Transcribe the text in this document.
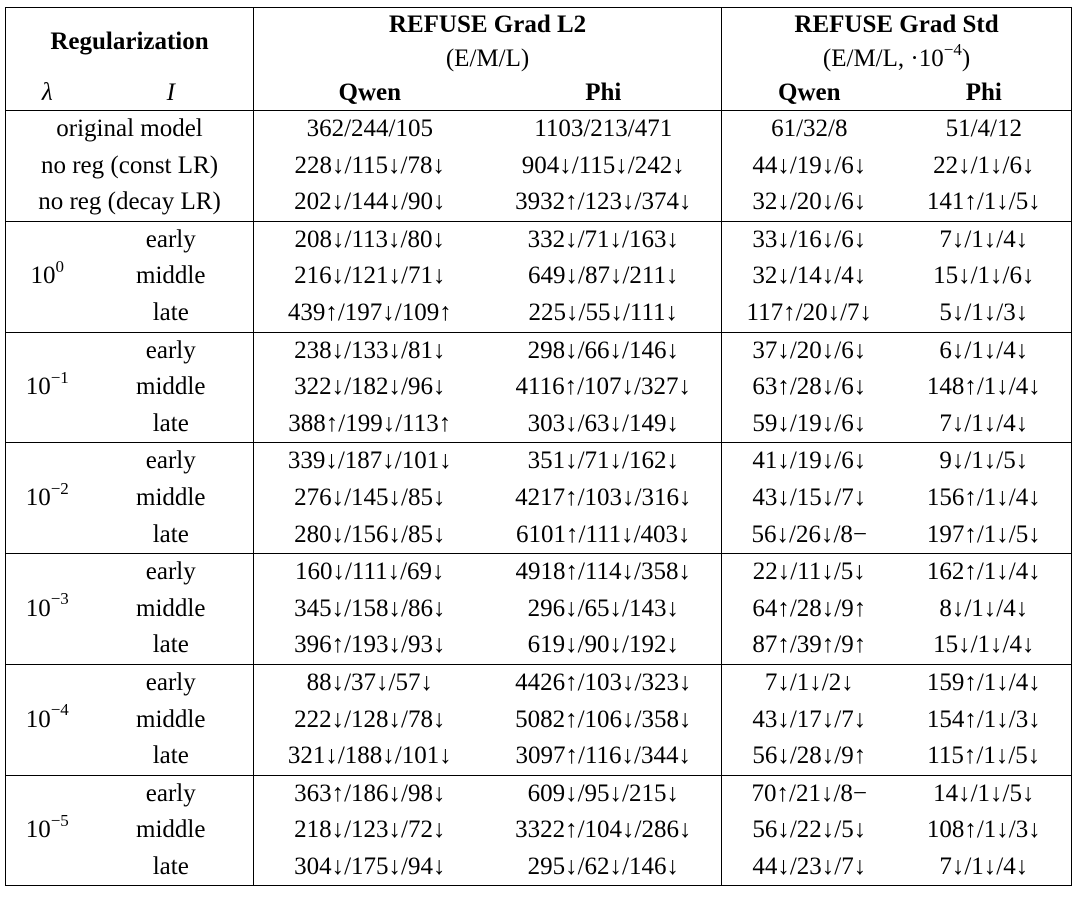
Regularization		REFUSE Grad L2		REFUSE Grad Std	
		(E/M/L)		(E/M/L, $\cdot 10^{-4}$)	
λ	I	Qwen	Phi	Qwen	Phi
original model		362/244/105	1103/213/471	61/32/8	51/4/12
no reg (const LR)		228↓/115↓/78↓	904↓/115↓/242↓	44↓/19↓/6↓	22↓/1↓/6↓
no reg (decay LR)		202↓/144↓/90↓	3932↑/123↓/374↓	32↓/20↓/6↓	141↑/1↓/5↓
$10^0$	early	208↓/113↓/80↓	332↓/71↓/163↓	33↓/16↓/6↓	7↓/1↓/4↓
	middle	216↓/121↓/71↓	649↓/87↓/211↓	32↓/14↓/4↓	15↓/1↓/6↓
	late	439↑/197↓/109↑	225↓/55↓/111↓	117↑/20↓/7↓	5↓/1↓/3↓
$10^{-1}$	early	238↓/133↓/81↓	298↓/66↓/146↓	37↓/20↓/6↓	6↓/1↓/4↓
	middle	322↓/182↓/96↓	4116↑/107↓/327↓	63↑/28↓/6↓	148↑/1↓/4↓
	late	388↑/199↓/113↑	303↓/63↓/149↓	59↓/19↓/6↓	7↓/1↓/4↓
$10^{-2}$	early	339↓/187↓/101↓	351↓/71↓/162↓	41↓/19↓/6↓	9↓/1↓/5↓
	middle	276↓/145↓/85↓	4217↑/103↓/316↓	43↓/15↓/7↓	156↑/1↓/4↓
	late	280↓/156↓/85↓	6101↑/111↓/403↓	56↓/26↓/8−	197↑/1↓/5↓
$10^{-3}$	early	160↓/111↓/69↓	4918↑/114↓/358↓	22↓/11↓/5↓	162↑/1↓/4↓
	middle	345↓/158↓/86↓	296↓/65↓/143↓	64↑/28↓/9↑	8↓/1↓/4↓
	late	396↑/193↓/93↓	619↓/90↓/192↓	87↑/39↑/9↑	15↓/1↓/4↓
$10^{-4}$	early	88↓/37↓/57↓	4426↑/103↓/323↓	7↓/1↓/2↓	159↑/1↓/4↓
	middle	222↓/128↓/78↓	5082↑/106↓/358↓	43↓/17↓/7↓	154↑/1↓/3↓
	late	321↓/188↓/101↓	3097↑/116↓/344↓	56↓/28↓/9↑	115↑/1↓/5↓
$10^{-5}$	early	363↑/186↓/98↓	609↓/95↓/215↓	70↑/21↓/8−	14↓/1↓/5↓
	middle	218↓/123↓/72↓	3322↑/104↓/286↓	56↓/22↓/5↓	108↑/1↓/3↓
	late	304↓/175↓/94↓	295↓/62↓/146↓	44↓/23↓/7↓	7↓/1↓/4↓
